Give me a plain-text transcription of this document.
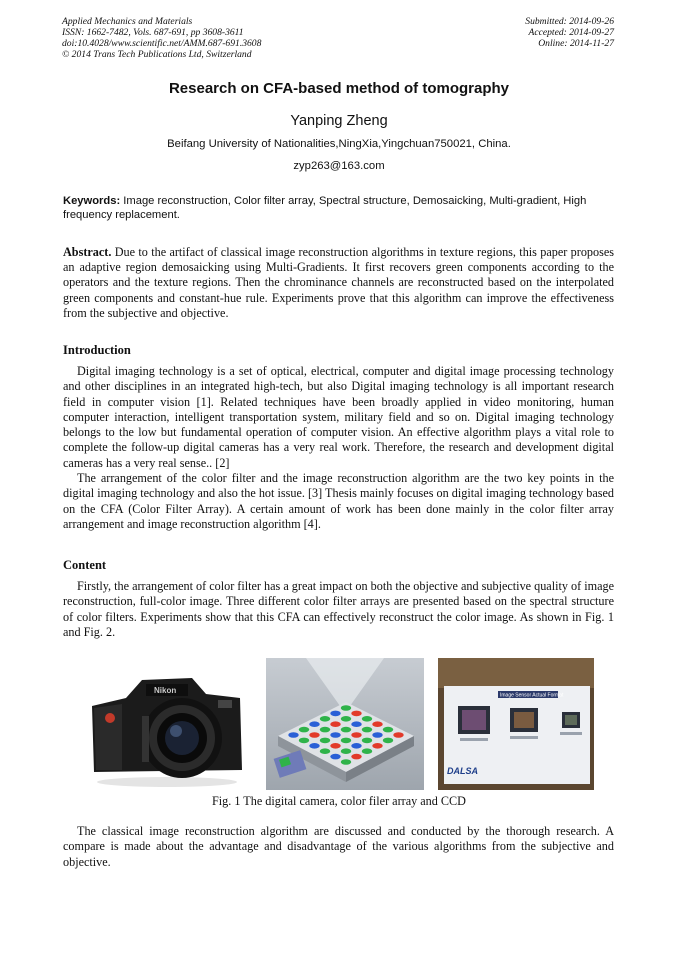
Applied Mechanics and Materials
ISSN: 1662-7482, Vols. 687-691, pp 3608-3611
doi:10.4028/www.scientific.net/AMM.687-691.3608
© 2014 Trans Tech Publications Ltd, Switzerland
Submitted: 2014-09-26
Accepted: 2014-09-27
Online: 2014-11-27
Research on CFA-based method of tomography
Yanping Zheng
Beifang University of Nationalities,NingXia,Yingchuan750021, China.
zyp263@163.com
Keywords: Image reconstruction, Color filter array, Spectral structure, Demosaicking, Multi-gradient, High frequency replacement.
Abstract. Due to the artifact of classical image reconstruction algorithms in texture regions, this paper proposes an adaptive region demosaicking using Multi-Gradients. It first recovers green components according to the operators and the texture regions. Then the chrominance channels are reconstructed based on the interpolated green components and constant-hue rule. Experiments prove that this algorithm can improve the effectiveness from the subjective and objective.
Introduction

Digital imaging technology is a set of optical, electrical, computer and digital image processing technology and other disciplines in an integrated high-tech, but also Digital imaging technology is all important research field in computer vision [1]. Related techniques have been broadly applied in video monitoring, human computer interaction, intelligent transportation system, military field and so on. Digital imaging technology belongs to the low but fundamental operation of computer vision. An effective algorithm plays a vital role to complete the follow-up digital cameras has a very real work. Therefore, the research and development digital cameras has a very real sense.. [2]

The arrangement of the color filter and the image reconstruction algorithm are the two key points in the digital imaging technology and also the hot issue. [3] Thesis mainly focuses on digital imaging technology based on the CFA (Color Filter Array). A certain amount of work has been done mainly in the color filter array arrangement and image reconstruction algorithm [4].

Content

Firstly, the arrangement of color filter has a great impact on both the objective and subjective quality of image reconstruction, full-color image. Three different color filter arrays are presented based on the spectral structure of color filters. Experiments show that this CFA can effectively reconstruct the color image. As shown in Fig. 1 and Fig. 2.

Nikon
Image Sensor Actual Format
DALSA
Fig. 1 The digital camera, color filer array and CCD

The classical image reconstruction algorithm are discussed and conducted by the thorough research. A compare is made about the advantage and disadvantage of the various algorithms from the subjective and objective.
